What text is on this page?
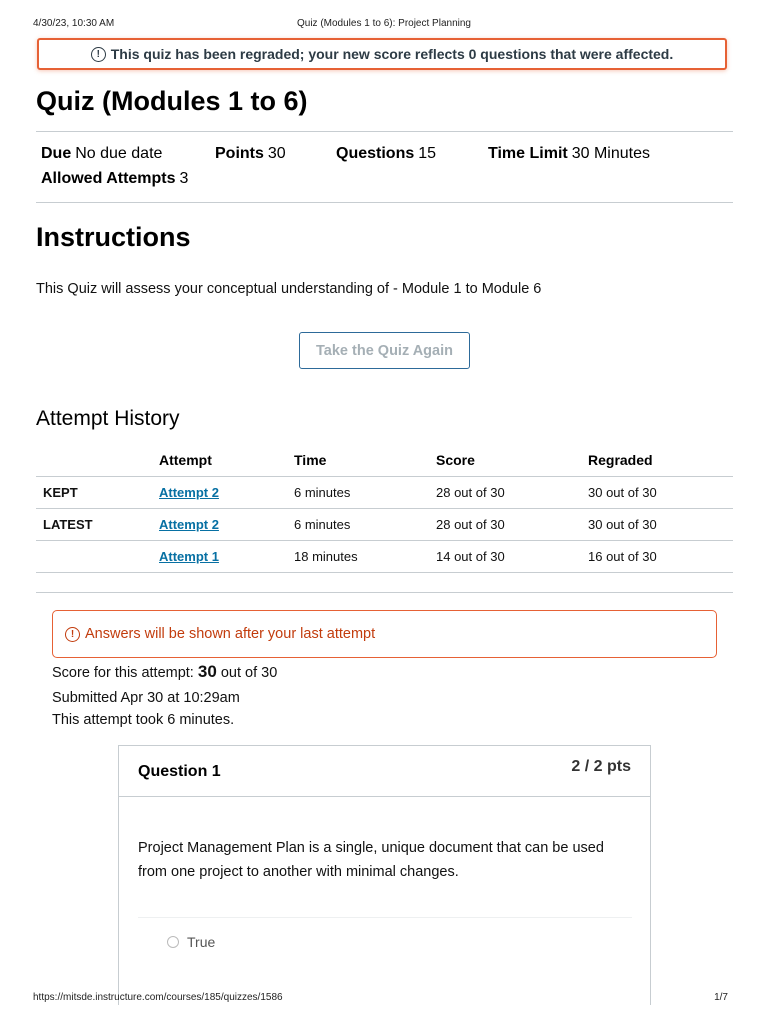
4/30/23, 10:30 AM	Quiz (Modules 1 to 6): Project Planning
! This quiz has been regraded; your new score reflects 0 questions that were affected.
Quiz (Modules 1 to 6)
Due No due date	Points 30	Questions 15	Time Limit 30 Minutes
Allowed Attempts 3
Instructions
This Quiz will assess your conceptual understanding of - Module 1 to Module 6
Take the Quiz Again
Attempt History
	Attempt	Time	Score	Regraded
KEPT	Attempt 2	6 minutes	28 out of 30	30 out of 30
LATEST	Attempt 2	6 minutes	28 out of 30	30 out of 30
	Attempt 1	18 minutes	14 out of 30	16 out of 30
! Answers will be shown after your last attempt
Score for this attempt: 30 out of 30
Submitted Apr 30 at 10:29am
This attempt took 6 minutes.
Question 1	2 / 2 pts
Project Management Plan is a single, unique document that can be used from one project to another with minimal changes.
True
https://mitsde.instructure.com/courses/185/quizzes/1586	1/7
